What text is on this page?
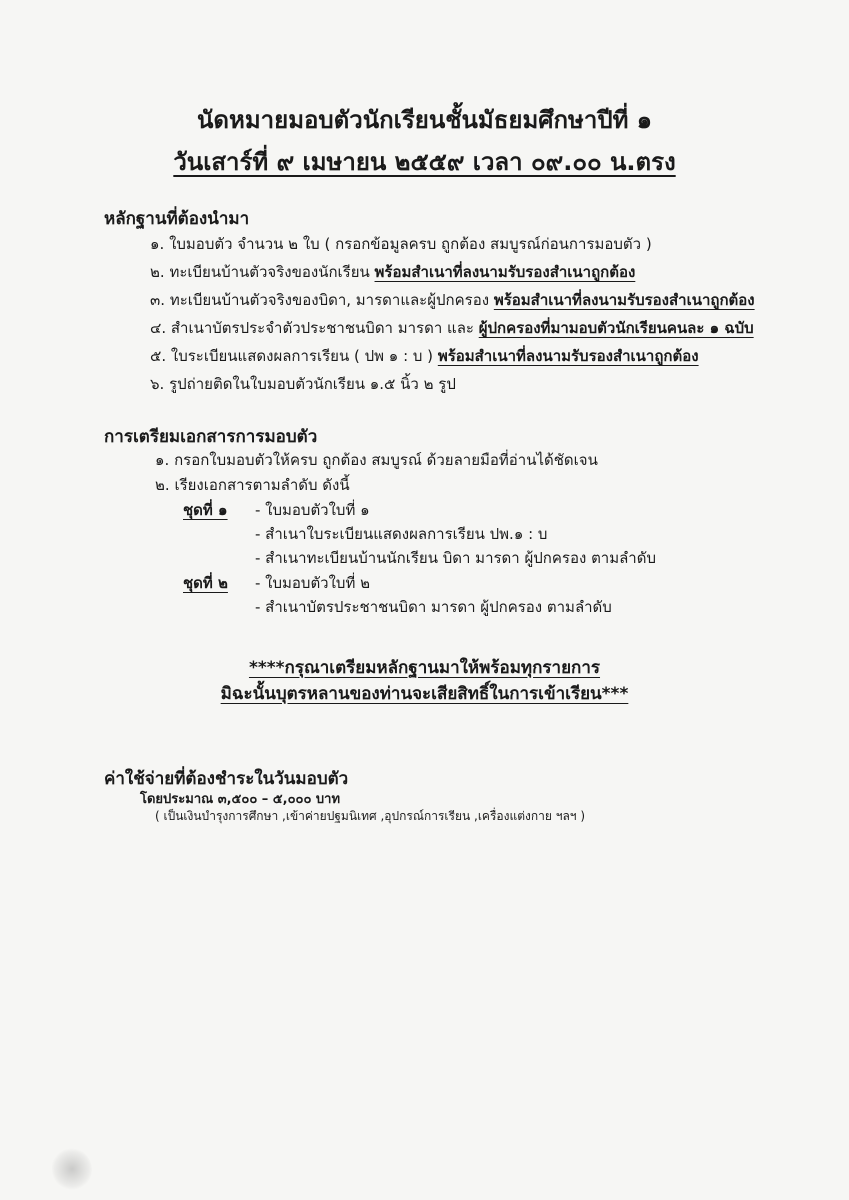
นัดหมายมอบตัวนักเรียนชั้นมัธยมศึกษาปีที่ ๑
วันเสาร์ที่ ๙ เมษายน ๒๕๕๙ เวลา ๐๙.๐๐ น.ตรง
หลักฐานที่ต้องนำมา
๑. ใบมอบตัว จำนวน ๒ ใบ ( กรอกข้อมูลครบ ถูกต้อง สมบูรณ์ก่อนการมอบตัว )
๒. ทะเบียนบ้านตัวจริงของนักเรียน พร้อมสำเนาที่ลงนามรับรองสำเนาถูกต้อง
๓. ทะเบียนบ้านตัวจริงของบิดา, มารดาและผู้ปกครอง พร้อมสำเนาที่ลงนามรับรองสำเนาถูกต้อง
๔. สำเนาบัตรประจำตัวประชาชนบิดา มารดา และ ผู้ปกครองที่มามอบตัวนักเรียนคนละ ๑ ฉบับ
๕. ใบระเบียนแสดงผลการเรียน ( ปพ ๑ : บ ) พร้อมสำเนาที่ลงนามรับรองสำเนาถูกต้อง
๖. รูปถ่ายติดในใบมอบตัวนักเรียน ๑.๕ นิ้ว ๒ รูป
การเตรียมเอกสารการมอบตัว
๑. กรอกใบมอบตัวให้ครบ ถูกต้อง สมบูรณ์ ด้วยลายมือที่อ่านได้ชัดเจน
๒. เรียงเอกสารตามลำดับ ดังนี้
ชุดที่ ๑ - ใบมอบตัวใบที่ ๑
- สำเนาใบระเบียนแสดงผลการเรียน ปพ.๑ : บ
- สำเนาทะเบียนบ้านนักเรียน บิดา มารดา ผู้ปกครอง ตามลำดับ
ชุดที่ ๒ - ใบมอบตัวใบที่ ๒
- สำเนาบัตรประชาชนบิดา มารดา ผู้ปกครอง ตามลำดับ
****กรุณาเตรียมหลักฐานมาให้พร้อมทุกรายการ
มิฉะนั้นบุตรหลานของท่านจะเสียสิทธิ์ในการเข้าเรียน***
ค่าใช้จ่ายที่ต้องชำระในวันมอบตัว
โดยประมาณ ๓,๕๐๐ – ๕,๐๐๐ บาท
( เป็นเงินบำรุงการศึกษา ,เข้าค่ายปฐมนิเทศ ,อุปกรณ์การเรียน ,เครื่องแต่งกาย ฯลฯ )
